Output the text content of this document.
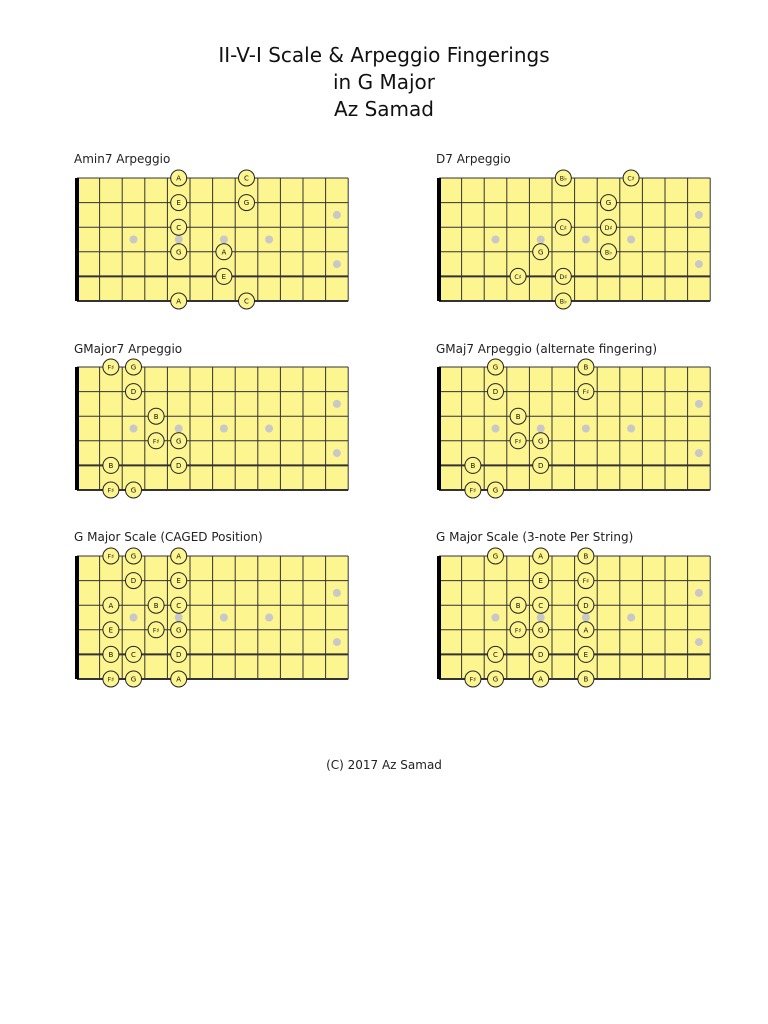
II-V-I Scale & Arpeggio Fingerings
in G Major
Az Samad
Amin7 Arpeggio
A	C
E	G
C
G	A
E
A	C
D7 Arpeggio
B♭	C♯
G
C♯	D♯
G	B♭
C♯	D♯
B♭
GMajor7 Arpeggio
F♯ G
D
B
F♯ G
B	D
F♯ G
GMaj7 Arpeggio (alternate fingering)
G	B
D	F♯
B
F♯ G
B	D
F♯ G
G Major Scale (CAGED Position)
F♯ G	A
D	E
A	B	C
E	F♯ G
B	C	D
F♯ G	A
G Major Scale (3-note Per String)
G	A	B
E	F♯
B	C	D
F♯ G	A
C	D	E
F♯ G	A	B
(C) 2017 Az Samad
